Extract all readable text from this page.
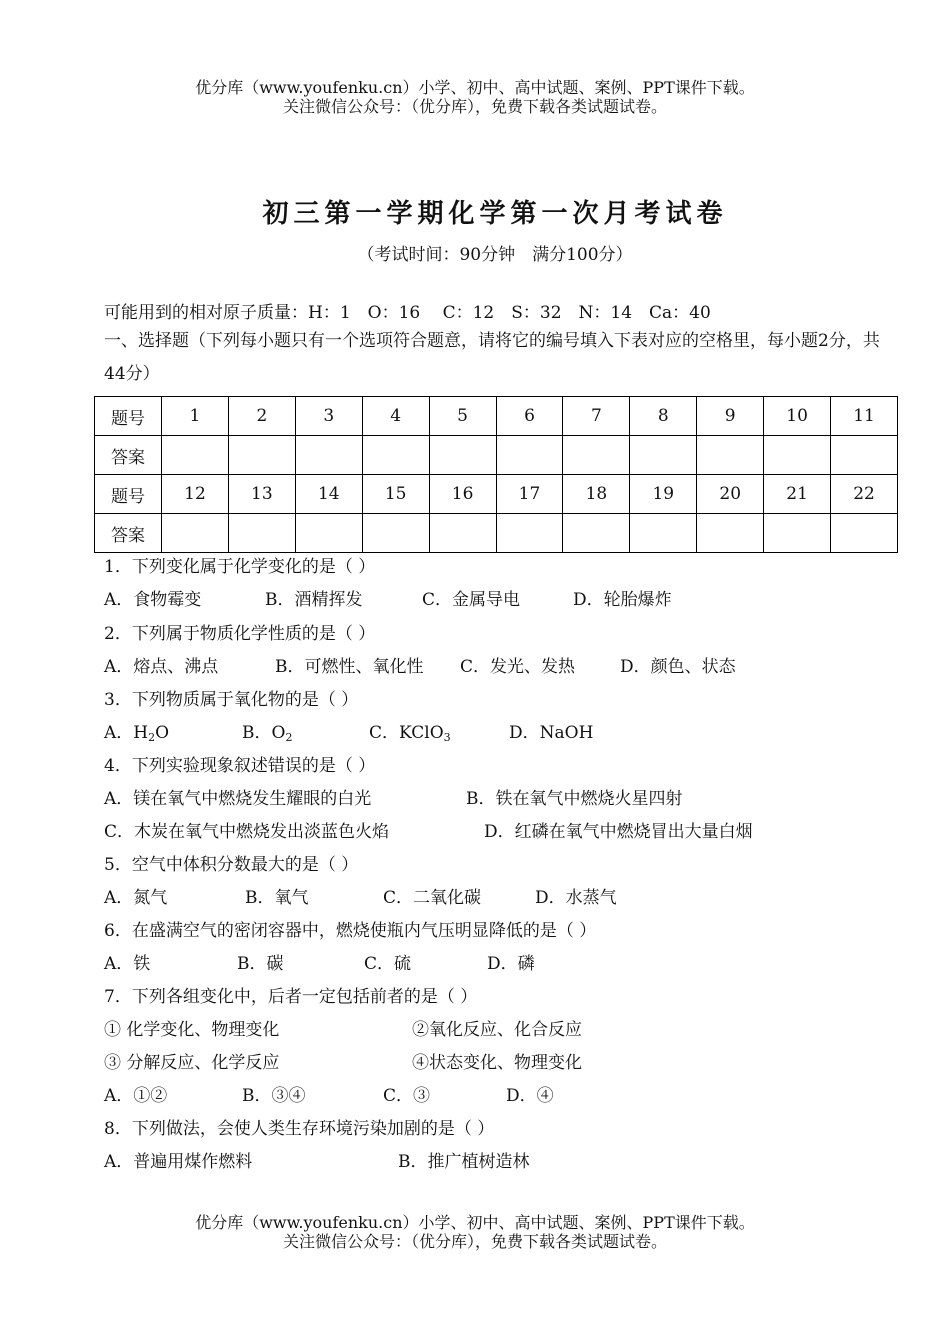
优分库（www.youfenku.cn）小学、初中、高中试题、案例、PPT课件下载。
关注微信公众号：（优分库），免费下载各类试题试卷。
初三第一学期化学第一次月考试卷
（考试时间：90分钟　满分100分）
可能用到的相对原子质量：H：1　O：16　 C：12　S：32　N：14　Ca：40
一、选择题（下列每小题只有一个选项符合题意，请将它的编号填入下表对应的空格里，每小题2分，共44分）
题号	1	2	3	4	5	6	7	8	9	10	11
答案											
题号	12	13	14	15	16	17	18	19	20	21	22
答案											
1．下列变化属于化学变化的是（ ）
A．食物霉变	B．酒精挥发	C．金属导电	D．轮胎爆炸
2．下列属于物质化学性质的是（ ）
A．熔点、沸点	B．可燃性、氧化性 C．发光、发热	D．颜色、状态
3．下列物质属于氧化物的是（ ）
A．$H_2O$	B．$O_2$	C．KClO$_3$	D．NaOH
4．下列实验现象叙述错误的是（ ）
A．镁在氧气中燃烧发生耀眼的白光	B．铁在氧气中燃烧火星四射
C．木炭在氧气中燃烧发出淡蓝色火焰	D．红磷在氧气中燃烧冒出大量白烟
5．空气中体积分数最大的是（ ）
A．氮气	B．氧气	C．二氧化碳	D．水蒸气
6．在盛满空气的密闭容器中，燃烧使瓶内气压明显降低的是（ ）
A．铁	B．碳	C．硫	D．磷
7．下列各组变化中，后者一定包括前者的是（ ）
① 化学变化、物理变化	②氧化反应、化合反应
③ 分解反应、化学反应	④状态变化、物理变化
A．①②	B．③④	C．③	D．④
8．下列做法，会使人类生存环境污染加剧的是（ ）
A．普遍用煤作燃料	B．推广植树造林
优分库（www.youfenku.cn）小学、初中、高中试题、案例、PPT课件下载。
关注微信公众号：（优分库），免费下载各类试题试卷。
